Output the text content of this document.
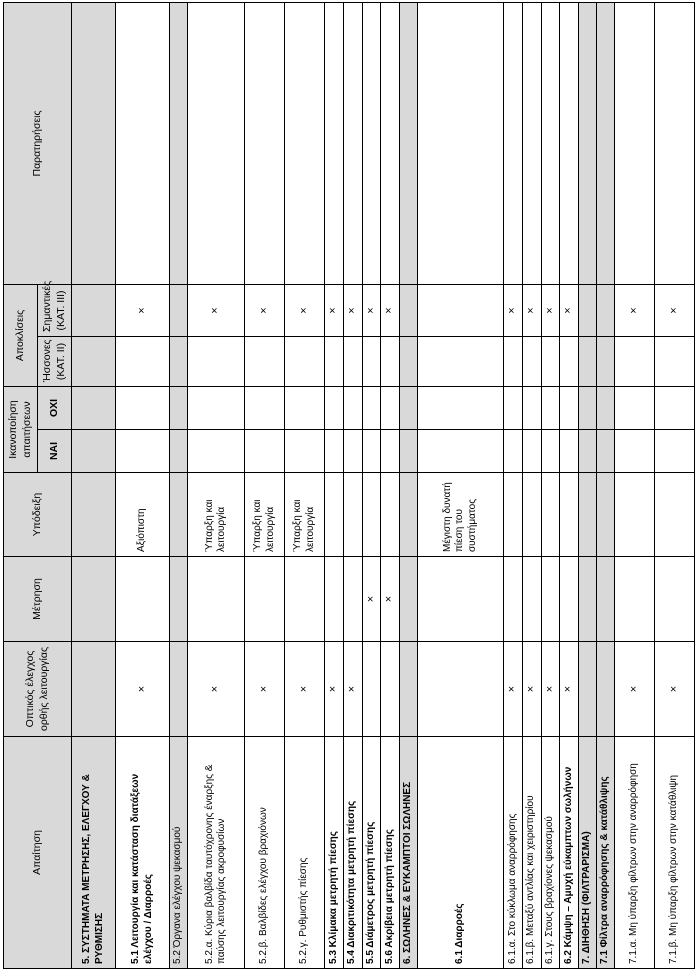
Απαίτηση	Οπτικός έλεγχος ορθής λειτουργίας	Μέτρηση	Υπόδειξη	Ικανοποίηση απαιτήσεων		Αποκλίσεις		Παρατηρήσεις
				ΝΑΙ	ΟΧΙ	Ήσσονες (ΚΑΤ. ΙΙ)	Σημαντικές (ΚΑΤ. ΙΙΙ)	
5. ΣΥΣΤΗΜΑΤΑ ΜΕΤΡΗΣΗΣ, ΕΛΕΓΧΟΥ & ΡΥΘΜΙΣΗΣ								
5.1 Λειτουργία και κατάσταση διατάξεων ελέγχου / Διαρροές	×		Αξιόπιστη				×	
5.2 Όργανα ελέγχου ψεκασμού								
5.2.α. Κύρια βαλβίδα ταυτόχρονης έναρξης & παύσης λειτουργίας ακροφυσίων	×		Ύπαρξη και λειτουργία				×	
5.2.β. Βαλβίδες ελέγχου βραχιόνων	×		Ύπαρξη και λειτουργία				×	
5.2.γ. Ρυθμιστής πίεσης	×		Ύπαρξη και λειτουργία				×	
5.3 Κλίμακα μετρητή πίεσης	×						×	
5.4 Διακριτικότητα μετρητή πίεσης	×						×	
5.5 Διάμετρος μετρητή πίεσης		×					×	
5.6 Ακρίβεια μετρητή πίεσης		×					×	
6. ΣΩΛΗΝΕΣ & ΕΥΚΑΜΠΤΟΙ ΣΩΛΗΝΕΣ								
6.1 Διαρροές			Μέγιστη δυνατή πίεση του συστήματος					
6.1.α. Στο κύκλωμα αναρρόφησης	×						×	
6.1.β. Μεταξύ αντλίας και χειριστηρίου	×						×	
6.1.γ. Στους βραχίονες ψεκασμού	×						×	
6.2 Κάμψη – Αμυχή εύκαμπτων σωλήνων	×						×	
7. ΔΙΗΘΗΣΗ (ΦΙΛΤΡΑΡΙΣΜΑ)								
7.1 Φίλτρα αναρρόφησης & κατάθλιψης								
7.1.α. Μη ύπαρξη φίλτρων στην αναρρόφηση	×						×	
7.1.β. Μη ύπαρξη φίλτρων στην κατάθλιψη	×						×	
